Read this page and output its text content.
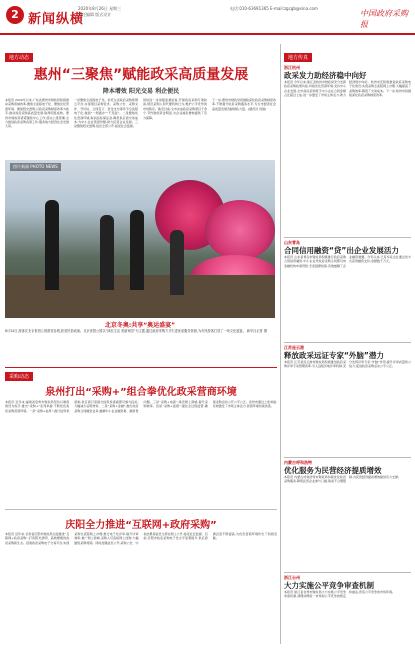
2 新闻纵横
2020年8月26日 星期三
责任编辑 版式设计
电话:010-63691365 E-mail:zgcgb@sina.com
中国政府采购报
地方动态
惠州“三聚焦”赋能政采高质量发展
降本增效 阳光交易 利企便民
本报讯 2020年以来,广东省惠州市财政局积极推动采购领域改革,聚焦全流程电子化、聚焦优化营商环境、聚焦阳光透明,以政府采购制度改革为抓手,推动政府采购高质量发展,取得明显成效。惠州市财政局紧紧围绕中心工作,落实上级部署,全力推进政府采购各项工作,服务地方经济社会发展大局。
一是聚焦全流程电子化。依托全省政府采购智慧云平台,实现项目采购需求、采购公告、采购文件、开评标、合同签订、资金支付等环节全流程电子化,做到“一网通办”“不见面”。二是聚焦优化营商环境,取消投标保证金,降低供应商交易成本,为中小企业预留份额,助力民营企业发展。三是聚焦阳光透明,信息全部公开,接受社会监督。
同时进一步加强监督检查,开展政府采购专项检查,规范采购人和代理机构行为,维护公平竞争的市场秩序。截至目前,全市完成政府采购项目千余个,节约财政资金明显,为企业减负增效提供了有力保障。
下一步,惠州市财政局将继续深化政府采购制度改革,不断提升政府采购服务水平,为全市经济社会高质量发展贡献财政力量。(通讯员 何娟)
图片新闻 PHOTO NEWS
北京冬奥:共享“奥运盛宴”
8月24日,游客在北京世园公园游览参观,欣赏民俗表演。北京世园公园以“绿色生活 美丽家园”为主题,通过政府采购方式引进优质服务资源,为市民游客打造了一场文化盛宴。 新华社记者 摄
采购动态
泉州打出“采购+”组合拳优化政采营商环境
本报讯 近年来,福建省泉州市财政局坚持以制度建设为抓手,推出“采购+”系列举措,不断优化政府采购营商环境。一是“采购+信用”,推行信用承诺制,供应商只需提交信用承诺函即可参与投标,大幅减少证明材料。二是“采购+金融”,推出政府采购合同融资业务,缓解中小企业融资难、融资贵问题。三是“采购+电商”,建设网上商城,提升采购效率。四是“采购+监督”,强化全过程监管,确保采购活动公开公平公正。泉州市通过上述举措,有效激发了市场主体活力,营商环境持续改善。
庆阳全力推进“互联网+政府采购”
本报讯 近年来,甘肃省庆阳市财政局全面推进“互联网+政府采购”,打造阳光透明、高效便捷的政府采购新生态。搭建政府采购电子交易平台,实现采购全流程网上办理;推行电子化评审,提升评审效率;推广网上商城,采购人可直接网上选购,大幅缩短采购周期。同时加强信息公开,采购公告、中标结果等信息全部在网上公开,接受社会监督。目前,庆阳市政府采购电子化水平显著提升,供应商满意度不断提高,为优化营商环境作出了积极贡献。
地方传真
浙江杭州
政采发力助经济稳中向好
本报讯 今年以来,浙江省杭州市财政局充分发挥政府采购政策功能,持续优化营商环境,支持中小企业发展,全市政府采购授予中小企业合同金额占比超过七成,进一步激发了市场主体活力,助力经济稳中向好。杭州市还积极推进政府采购电子化建设,实现采购全流程网上办理,大幅提高了采购效率,降低了交易成本。下一步,杭州市将继续深化政府采购制度改革。
山东青岛
合同信用融资“贷”出企业发展活力
本报讯 山东省青岛市财政局积极推行政府采购合同信用融资,中小企业凭政府采购合同即可向金融机构申请贷款,无需抵押担保,有效缓解了企业融资难题。今年以来,已有多家企业通过该方式获得融资支持,金额数千万元。
江苏连云港
释放政采远证专家“外脑”潜力
本报讯 江苏省连云港市财政局积极推进政府采购评审专家管理改革,引入远程异地评审机制,充分发挥评审专家“外脑”作用,提升评审质量和公信力,促进政府采购活动公平公正。
内蒙古呼和浩特
优化服务为民营经济提质增效
本报讯 内蒙古呼和浩特市财政局持续优化政府采购服务,降低民营企业参与门槛,取消不合理限制,为民营经济提质增效提供有力支撑。
浙江台州
大力实施公平竞争审查机制
本报讯 浙江省台州市财政局大力实施公平竞争审查机制,清理妨碍统一市场和公平竞争的规定和做法,营造公平竞争的市场环境。
